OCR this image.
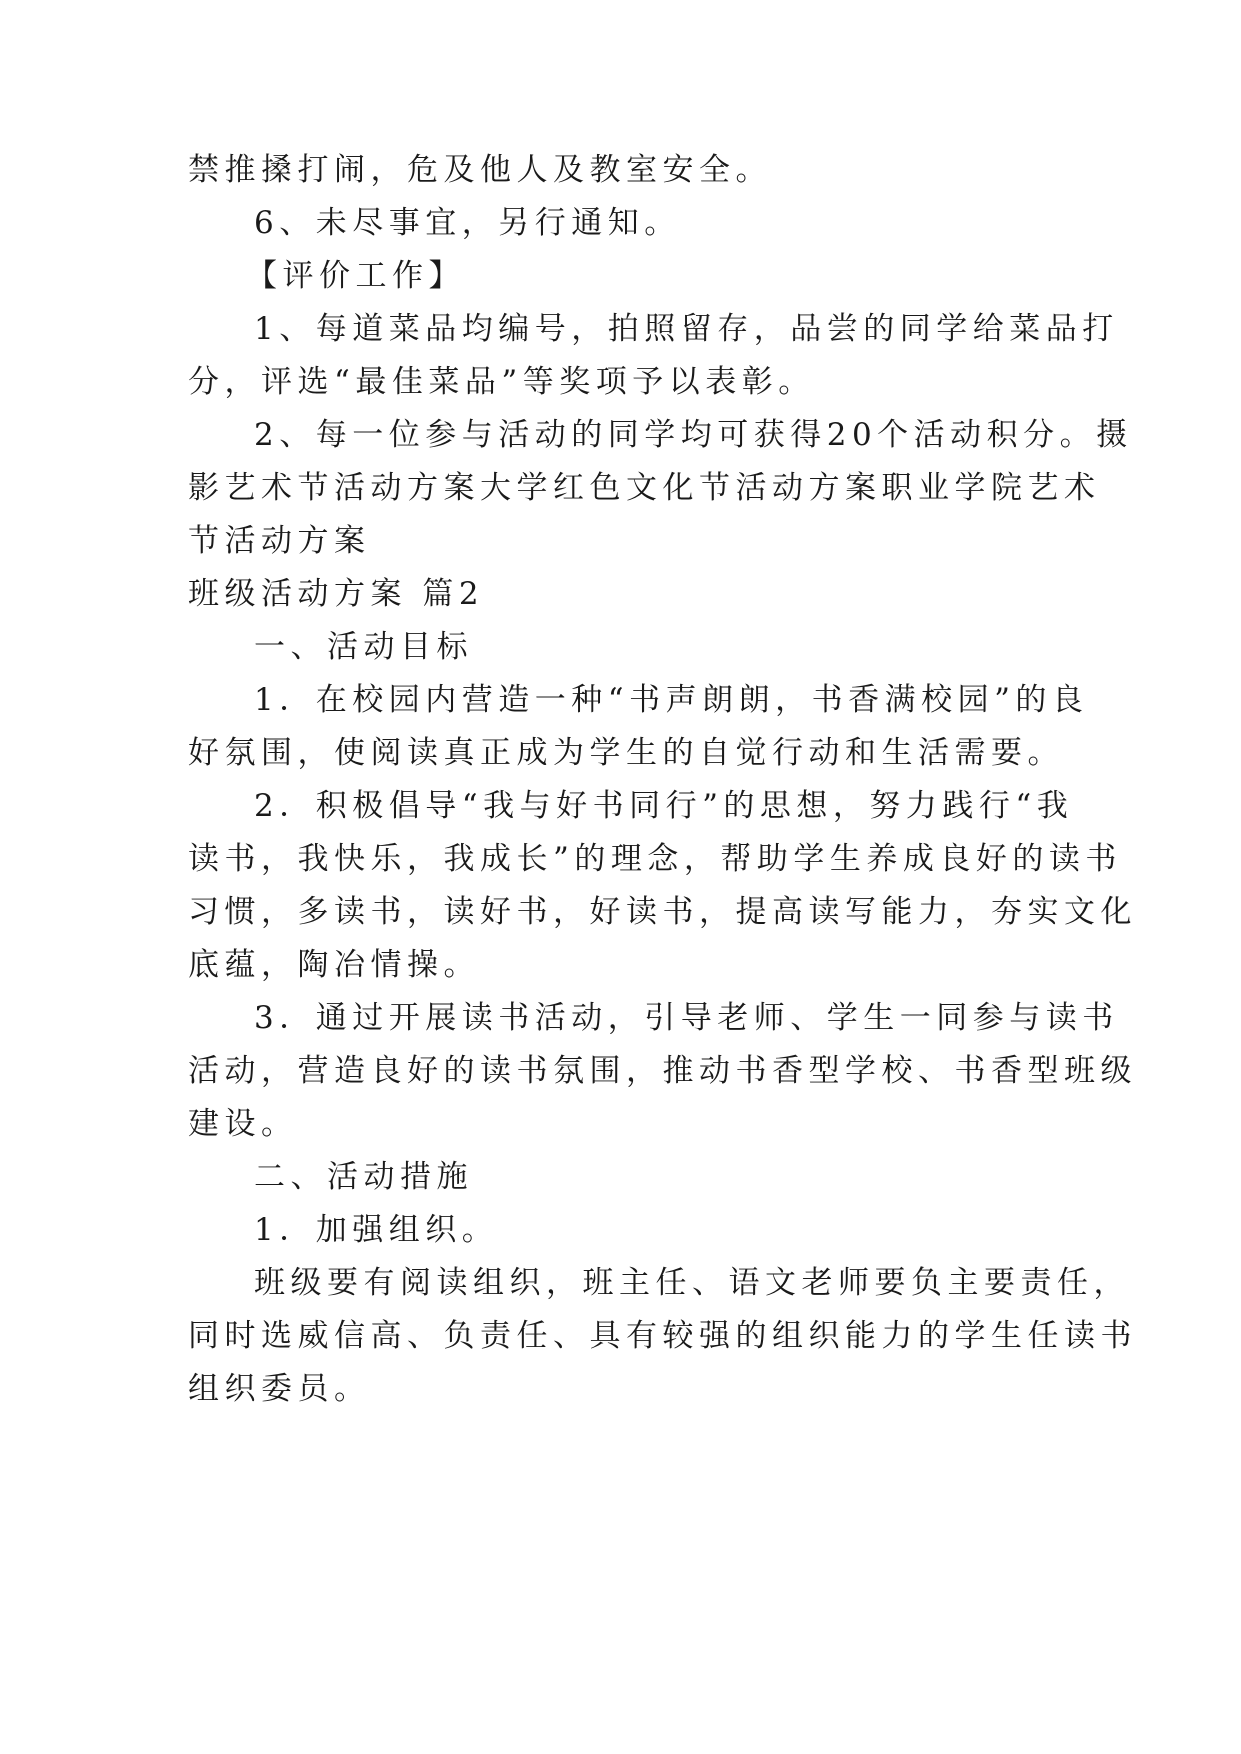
禁推搡打闹，危及他人及教室安全。
6、未尽事宜，另行通知。
【评价工作】
1、每道菜品均编号，拍照留存，品尝的同学给菜品打
分，评选“最佳菜品”等奖项予以表彰。
2、每一位参与活动的同学均可获得20个活动积分。摄
影艺术节活动方案大学红色文化节活动方案职业学院艺术
节活动方案
班级活动方案 篇2
一、活动目标
1．在校园内营造一种“书声朗朗，书香满校园”的良
好氛围，使阅读真正成为学生的自觉行动和生活需要。
2．积极倡导“我与好书同行”的思想，努力践行“我
读书，我快乐，我成长”的理念，帮助学生养成良好的读书
习惯，多读书，读好书，好读书，提高读写能力，夯实文化
底蕴，陶冶情操。
3．通过开展读书活动，引导老师、学生一同参与读书
活动，营造良好的读书氛围，推动书香型学校、书香型班级
建设。
二、活动措施
1．加强组织。
班级要有阅读组织，班主任、语文老师要负主要责任，
同时选威信高、负责任、具有较强的组织能力的学生任读书
组织委员。
